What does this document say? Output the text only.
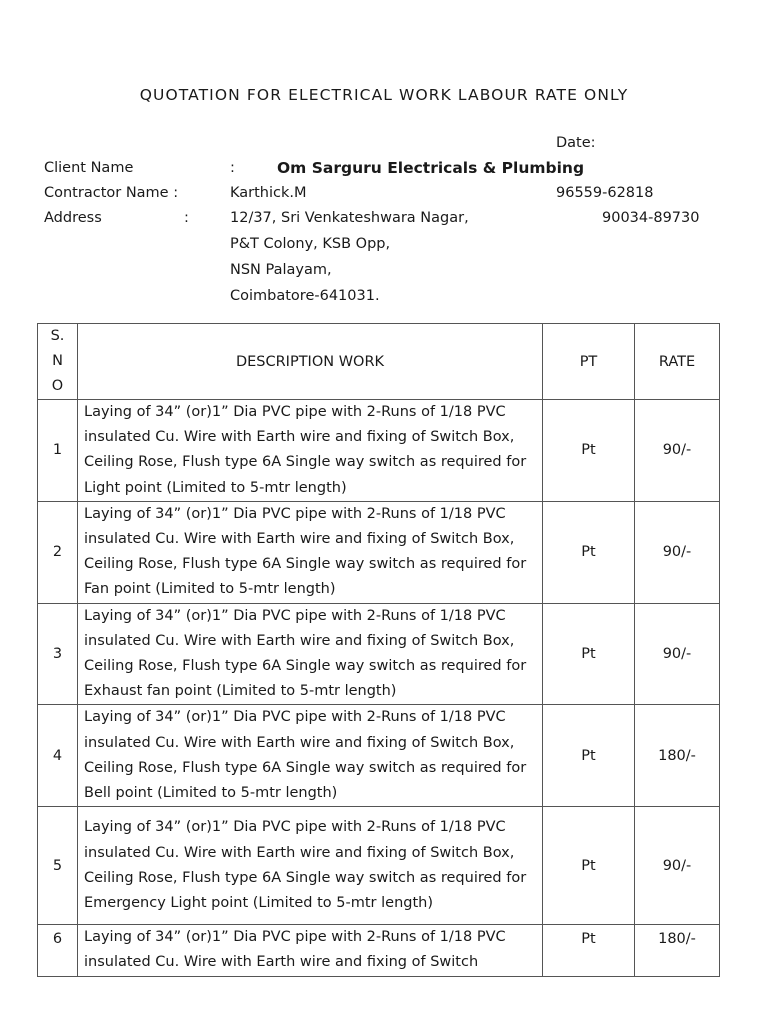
QUOTATION FOR ELECTRICAL WORK LABOUR RATE ONLY
Date:
Client Name	:	Om Sarguru Electricals & Plumbing
Contractor Name :	Karthick.M	96559-62818
Address	:	12/37, Sri Venkateshwara Nagar,	90034-89730
P&T Colony, KSB Opp,
NSN Palayam,
Coimbatore-641031.
S.
N
O	DESCRIPTION WORK	PT	RATE
1	Laying of 34” (or)1” Dia PVC pipe with 2-Runs of 1/18 PVC insulated Cu. Wire with Earth wire and fixing of Switch Box, Ceiling Rose, Flush type 6A Single way switch as required for Light point (Limited to 5-mtr length)	Pt	90/-
2	Laying of 34” (or)1” Dia PVC pipe with 2-Runs of 1/18 PVC insulated Cu. Wire with Earth wire and fixing of Switch Box, Ceiling Rose, Flush type 6A Single way switch as required for Fan point (Limited to 5-mtr length)	Pt	90/-
3	Laying of 34” (or)1” Dia PVC pipe with 2-Runs of 1/18 PVC insulated Cu. Wire with Earth wire and fixing of Switch Box, Ceiling Rose, Flush type 6A Single way switch as required for Exhaust fan point (Limited to 5-mtr length)	Pt	90/-
4	Laying of 34” (or)1” Dia PVC pipe with 2-Runs of 1/18 PVC insulated Cu. Wire with Earth wire and fixing of Switch Box, Ceiling Rose, Flush type 6A Single way switch as required for Bell point (Limited to 5-mtr length)	Pt	180/-
5	Laying of 34” (or)1” Dia PVC pipe with 2-Runs of 1/18 PVC insulated Cu. Wire with Earth wire and fixing of Switch Box, Ceiling Rose, Flush type 6A Single way switch as required for Emergency Light point (Limited to 5-mtr length)	Pt	90/-
6	Laying of 34” (or)1” Dia PVC pipe with 2-Runs of 1/18 PVC insulated Cu. Wire with Earth wire and fixing of Switch	Pt	180/-
